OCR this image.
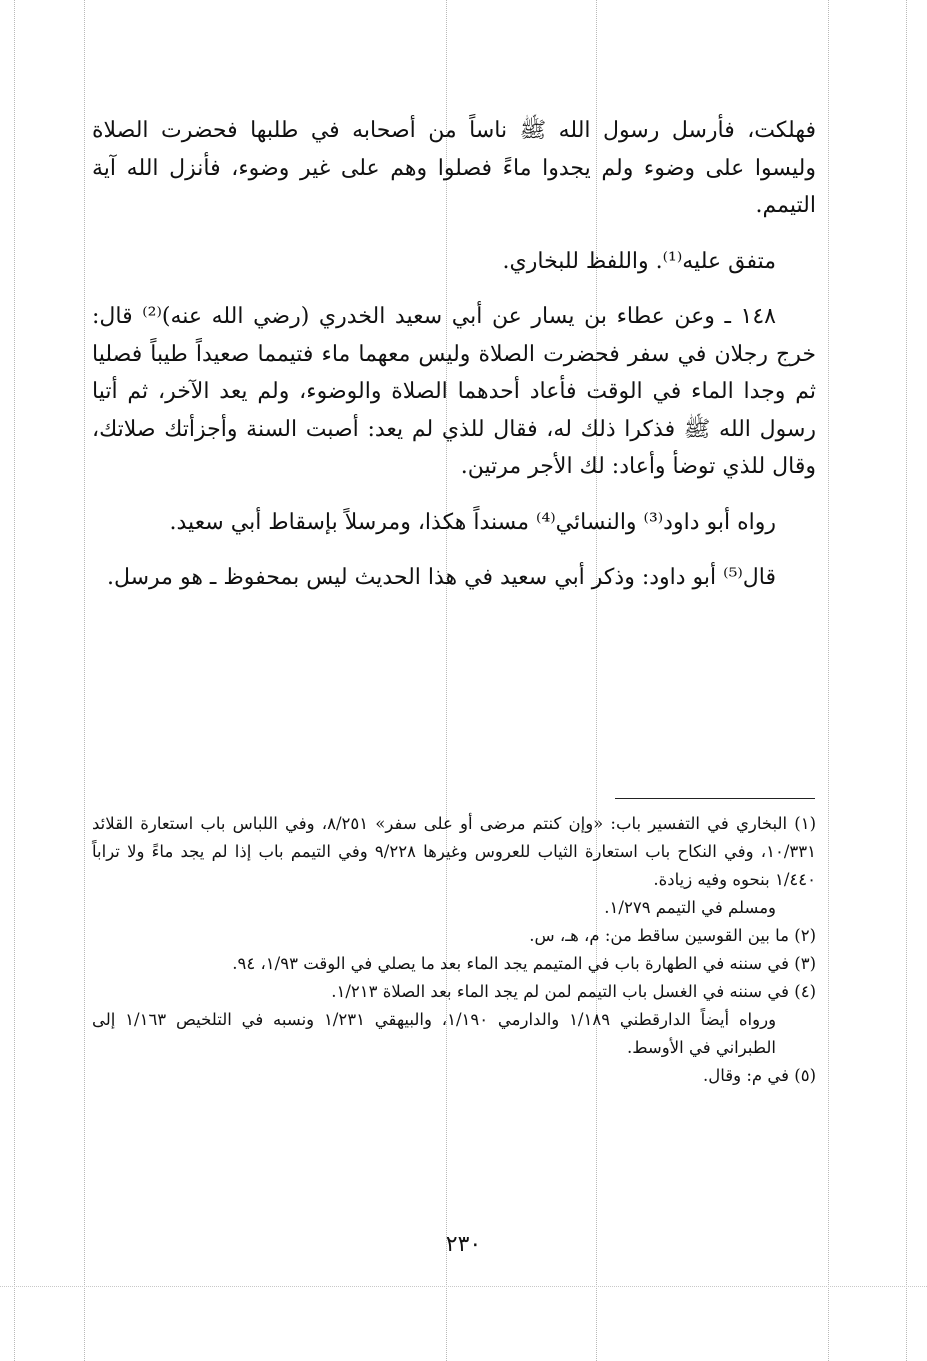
فهلكت، فأرسل رسول الله ﷺ ناساً من أصحابه في طلبها فحضرت الصلاة وليسوا على وضوء ولم يجدوا ماءً فصلوا وهم على غير وضوء، فأنزل الله آية التيمم.

متفق عليه⁽¹⁾. واللفظ للبخاري.

١٤٨ ـ وعن عطاء بن يسار عن أبي سعيد الخدري (رضي الله عنه)⁽²⁾ قال: خرج رجلان في سفر فحضرت الصلاة وليس معهما ماء فتيمما صعيداً طيباً فصليا ثم وجدا الماء في الوقت فأعاد أحدهما الصلاة والوضوء، ولم يعد الآخر، ثم أتيا رسول الله ﷺ فذكرا ذلك له، فقال للذي لم يعد: أصبت السنة وأجزأتك صلاتك، وقال للذي توضأ وأعاد: لك الأجر مرتين.

رواه أبو داود⁽³⁾ والنسائي⁽⁴⁾ مسنداً هكذا، ومرسلاً بإسقاط أبي سعيد.

قال⁽⁵⁾ أبو داود: وذكر أبي سعيد في هذا الحديث ليس بمحفوظ ـ هو مرسل.

(١) البخاري في التفسير باب: «وإن كنتم مرضى أو على سفر» ٨/٢٥١، وفي اللباس باب استعارة القلائد ١٠/٣٣١، وفي النكاح باب استعارة الثياب للعروس وغيرها ٩/٢٢٨ وفي التيمم باب إذا لم يجد ماءً ولا تراباً ١/٤٤٠ بنحوه وفيه زيادة.

ومسلم في التيمم ١/٢٧٩.

(٢) ما بين القوسين ساقط من: م، هـ، س.

(٣) في سننه في الطهارة باب في المتيمم يجد الماء بعد ما يصلي في الوقت ١/٩٣، ٩٤.

(٤) في سننه في الغسل باب التيمم لمن لم يجد الماء بعد الصلاة ١/٢١٣.

ورواه أيضاً الدارقطني ١/١٨٩ والدارمي ١/١٩٠، والبيهقي ١/٢٣١ ونسبه في التلخيص ١/١٦٣ إلى الطبراني في الأوسط.

(٥) في م: وقال.

٢٣٠
